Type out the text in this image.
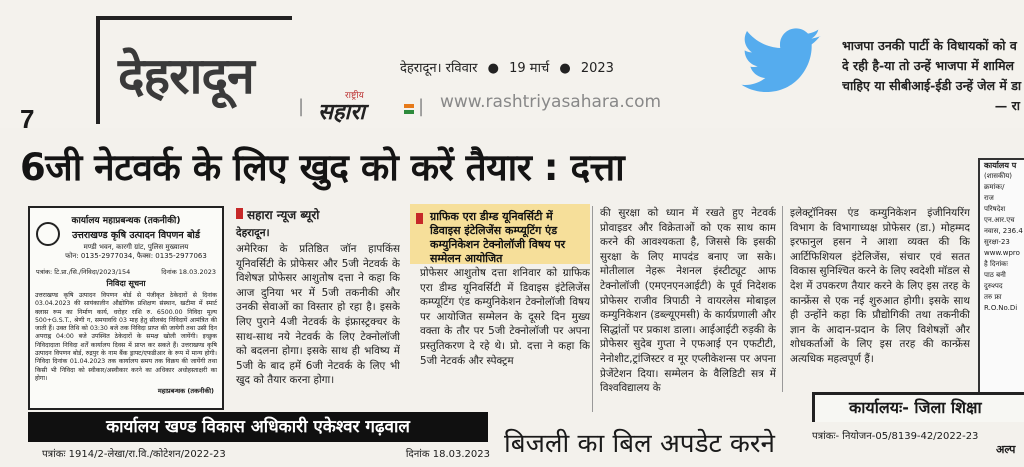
7
देहरादून	देहरादून। रविवार ● 19 मार्च ● 2023
|	राष्ट्रीय
सहारा	| www.rashtriyasahara.com
भाजपा उनकी पार्टी के विधायकों को व
दे रही है-या तो उन्हें भाजपा में शामिल
चाहिए या सीबीआई-ईडी उन्हें जेल में डा
— रा
6जी नेटवर्क के लिए खुद को करें तैयार : दत्ता	कार्यालय प
(शासकीय)
क्रमांकः/
राज
परिषदेश
एन.आर.एच
नवास, 236.4
सुरक्षा-23
www.wpro
है दिनांकः
पाठ बनी
दुरुश्पद
तरु फ्रा
R.O.No.Di
कार्यालय महाप्रबन्धक (तकनीकी)
उत्तराखण्ड कृषि उत्पादन विपणन बोर्ड
मण्डी भवन, कारगी ग्रांट, पुलिस मुख्यालय
फोन: 0135-2977034, फैक्स: 0135-2977063
पत्रांक: टि.प्रा./सि./निविदा/2023/154	दिनांक 18.03.2023
निविदा सूचना
उत्तराखण्ड कृषि उत्पादन विपणन बोर्ड से पंजीकृत ठेकेदारों से दिनांक 03.04.2023 की सायंकालीन औद्योगिक प्रशिक्षण संस्थान, खटीमा में स्मार्ट क्लास रूम का निर्माण कार्य, धरोहर राशि रु. 6500.00 निविदा मूल्य 500+G.S.T., श्रेणी ग, समयावधि 03 माह हेतु सीलबंद निविदायें आमंत्रित की जाती हैं। उक्त तिथि को 03:30 बजे तक निविदा प्राप्त की जायेगी तथा उसी दिन अपराह्न 04:00 बजे उपस्थित ठेकेदारों के समक्ष खोली जायेंगी। इच्छुक निविदादाता निविदा शर्तें कार्यालय दिवस में प्राप्त कर सकते हैं। उत्तराखण्ड कृषि उत्पादन विपणन बोर्ड, रुद्रपुर के नाम बैंक ड्राफ्ट/एफडीआर के रूप में मान्य होगी। निविदा दिनांक 01.04.2023 तक कार्यालय समय तक विक्रय की जायेंगी तथा किसी भी निविदा को स्वीकार/अस्वीकार करने का अधिकार अधोहस्ताक्षरी का होगा।
महाप्रबन्धक (तकनीकी)
सहारा न्यूज ब्यूरो
देहरादून।
अमेरिका के प्रतिष्ठित जॉन हापकिंस यूनिवर्सिटी के प्रोफेसर और 5जी नेटवर्क के विशेषज्ञ प्रोफेसर आशुतोष दत्ता ने कहा कि आज दुनिया भर में 5जी तकनीकी और उनकी सेवाओं का विस्तार हो रहा है। इसके लिए पुराने 4जी नेटवर्क के इंफ्रास्ट्रक्चर के साथ-साथ नये नेटवर्क के लिए टेक्नोलॉजी को बदलना होगा। इसके साथ ही भविष्य में 5जी के बाद हमें 6जी नेटवर्क के लिए भी खुद को तैयार करना होगा।
ग्राफिक एरा डीम्ड यूनिवर्सिटी में डिवाइस इंटेलिजेंस कम्प्यूटिंग एंड कम्युनिकेशन टेक्नोलॉजी विषय पर सम्मेलन आयोजित
प्रोफेसर आशुतोष दत्ता शनिवार को ग्राफिक एरा डीम्ड यूनिवर्सिटी में डिवाइस इंटेलिजेंस कम्प्यूटिंग एंड कम्युनिकेशन टेक्नोलॉजी विषय पर आयोजित सम्मेलन के दूसरे दिन मुख्य वक्ता के तौर पर 5जी टेक्नोलॉजी पर अपना प्रस्तुतिकरण दे रहे थे। प्रो. दत्ता ने कहा कि 5जी नेटवर्क और स्पेक्ट्रम
की सुरक्षा को ध्यान में रखते हुए नेटवर्क प्रोवाइडर और विक्रेताओं को एक साथ काम करने की आवश्यकता है, जिससे कि इसकी सुरक्षा के लिए मापदंड बनाए जा सके। मोतीलाल नेहरू नेशनल इंस्टीट्यूट आफ टेक्नोलॉजी (एमएनएनआईटी) के पूर्व निदेशक प्रोफेसर राजीव त्रिपाठी ने वायरलेस मोबाइल कम्युनिकेशन (डब्ल्यूएमसी) के कार्यप्रणाली और सिद्धांतों पर प्रकाश डाला। आईआईटी रुड़की के प्रोफेसर सुदेब गुप्ता ने एफआई एन एफटीटी, नेनोशीट,ट्रांजिस्टर व मूर एप्लीकेशन्स पर अपना प्रेजेंटेशन दिया। सम्मेलन के वैलिडिटी सत्र में विश्वविद्यालय के
इलेक्ट्रॉनिक्स एंड कम्युनिकेशन इंजीनियरिंग विभाग के विभागाध्यक्ष प्रोफेसर (डा.) मोहम्मद इरफानुल हसन ने आशा व्यक्त की कि आर्टिफिशियल इंटेलिजेंस, संचार एवं सतत विकास सुनिश्चित करने के लिए स्वदेशी मॉडल से देश में उपकरण तैयार करने के लिए इस तरह के कान्फ्रेंस से एक नई शुरुआत होगी। इसके साथ ही उन्होंने कहा कि प्रौद्योगिकी तथा तकनीकी ज्ञान के आदान-प्रदान के लिए विशेषज्ञों और शोधकर्ताओं के लिए इस तरह की कान्फ्रेंस अत्यधिक महत्वपूर्ण हैं।
कार्यालय खण्ड विकास अधिकारी एकेश्वर गढ़वाल
पत्रांकः 1914/2-लेखा/रा.वि./कोटेशन/2022-23	दिनांक 18.03.2023 बिजली का बिल अपडेट करने
कार्यालयः- जिला शिक्षा
पत्रांकः- नियोजन-05/8139-42/2022-23
अल्प
